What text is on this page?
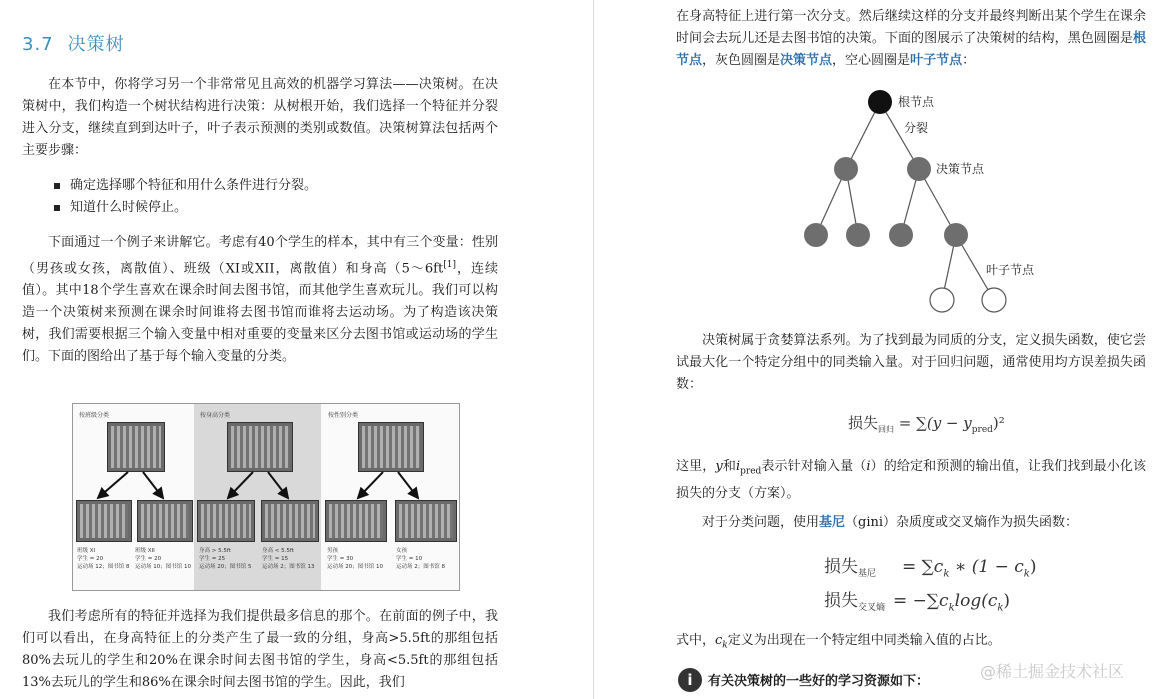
3.7 决策树
在本节中，你将学习另一个非常常见且高效的机器学习算法——决策树。在决策树中，我们构造一个树状结构进行决策：从树根开始，我们选择一个特征并分裂进入分支，继续直到到达叶子，叶子表示预测的类别或数值。决策树算法包括两个主要步骤：
确定选择哪个特征和用什么条件进行分裂。
知道什么时候停止。
下面通过一个例子来讲解它。考虑有40个学生的样本，其中有三个变量：性别（男孩或女孩，离散值）、班级（XI或XII，离散值）和身高（5～6ft[1]，连续值）。其中18个学生喜欢在课余时间去图书馆，而其他学生喜欢玩儿。我们可以构造一个决策树来预测在课余时间谁将去图书馆而谁将去运动场。为了构造该决策树，我们需要根据三个输入变量中相对重要的变量来区分去图书馆或运动场的学生们。下面的图给出了基于每个输入变量的分类。
按班级分类	按身高分类	按性别分类
班级 XI
学生 = 20
运动场 12；图书馆 8
班级 XII
学生 = 20
运动场 10；图书馆 10
身高 > 5.5ft
学生 = 25
运动场 20；图书馆 5
身高 < 5.5ft
学生 = 15
运动场 2；图书馆 13
男孩
学生 = 30
运动场 20；图书馆 10
女孩
学生 = 10
运动场 2；图书馆 8
我们考虑所有的特征并选择为我们提供最多信息的那个。在前面的例子中，我们可以看出，在身高特征上的分类产生了最一致的分组，身高>5.5ft的那组包括80%去玩儿的学生和20%在课余时间去图书馆的学生，身高<5.5ft的那组包括13%去玩儿的学生和86%在课余时间去图书馆的学生。因此，我们
在身高特征上进行第一次分支。然后继续这样的分支并最终判断出某个学生在课余时间会去玩儿还是去图书馆的决策。下面的图展示了决策树的结构，黑色圆圈是根节点，灰色圆圈是决策节点，空心圆圈是叶子节点：
根节点
分裂
决策节点
叶子节点
决策树属于贪婪算法系列。为了找到最为同质的分支，定义损失函数，使它尝试最大化一个特定分组中的同类输入量。对于回归问题，通常使用均方误差损失函数：
损失$_{回归} = \sum(y - y_{pred})^2$
这里，y和$i_{pred}$表示针对输入量（i）的给定和预测的输出值，让我们找到最小化该损失的分支（方案）。
对于分类问题，使用基尼（gini）杂质度或交叉熵作为损失函数：
损失$_{基尼} = \sum c_k$ ∗ $(1 - c_k)$
损失$_{交叉熵} = -\sum c_k\log(c_k)$
式中，$c_k$定义为出现在一个特定组中同类输入值的占比。
i	有关决策树的一些好的学习资源如下：
@稀土掘金技术社区
